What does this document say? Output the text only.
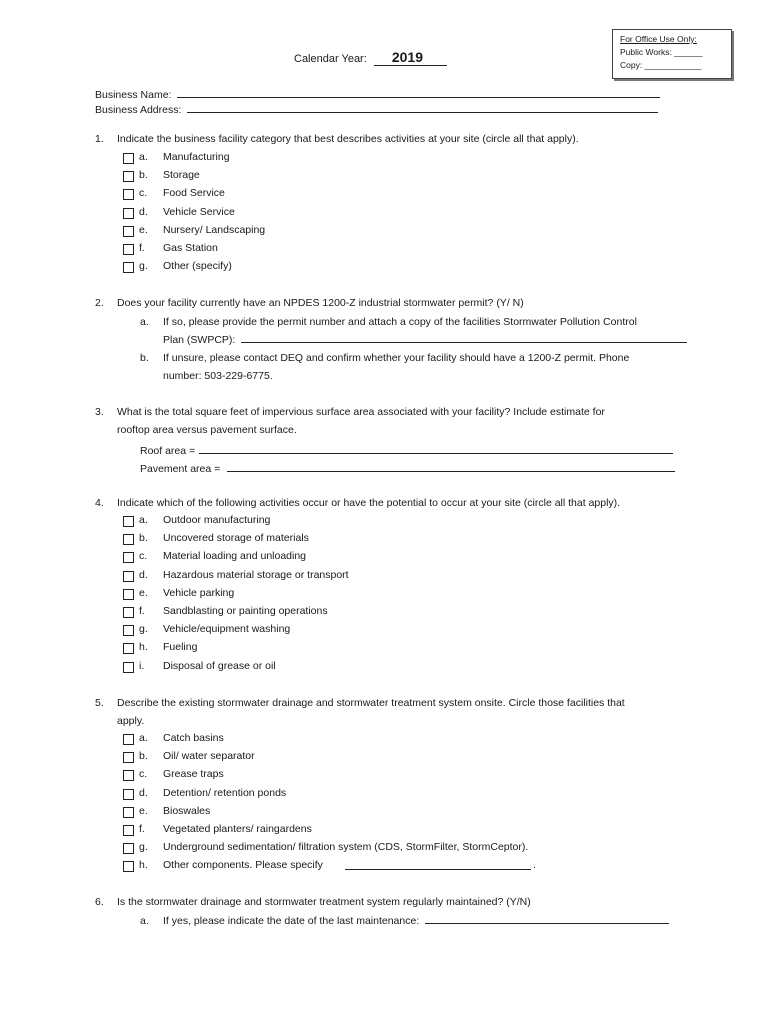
For Office Use Only:
Public Works: ______
Copy: ____________
Calendar Year: 2019
Business Name:
Business Address:
1. Indicate the business facility category that best describes activities at your site (circle all that apply).
a. Manufacturing
b. Storage
c. Food Service
d. Vehicle Service
e. Nursery/ Landscaping
f. Gas Station
g. Other (specify)
2. Does your facility currently have an NPDES 1200-Z industrial stormwater permit? (Y/ N)
a. If so, please provide the permit number and attach a copy of the facilities Stormwater Pollution Control
Plan (SWPCP):
b. If unsure, please contact DEQ and confirm whether your facility should have a 1200-Z permit. Phone
number: 503-229-6775.
3. What is the total square feet of impervious surface area associated with your facility? Include estimate for
rooftop area versus pavement surface.
Roof area =
Pavement area =
4. Indicate which of the following activities occur or have the potential to occur at your site (circle all that apply).
a. Outdoor manufacturing
b. Uncovered storage of materials
c. Material loading and unloading
d. Hazardous material storage or transport
e. Vehicle parking
f. Sandblasting or painting operations
g. Vehicle/equipment washing
h. Fueling
i. Disposal of grease or oil
5. Describe the existing stormwater drainage and stormwater treatment system onsite. Circle those facilities that
apply.
a. Catch basins
b. Oil/ water separator
c. Grease traps
d. Detention/ retention ponds
e. Bioswales
f. Vegetated planters/ raingardens
g. Underground sedimentation/ filtration system (CDS, StormFilter, StormCeptor).
h. Other components. Please specify	.
6. Is the stormwater drainage and stormwater treatment system regularly maintained? (Y/N)
a. If yes, please indicate the date of the last maintenance:
